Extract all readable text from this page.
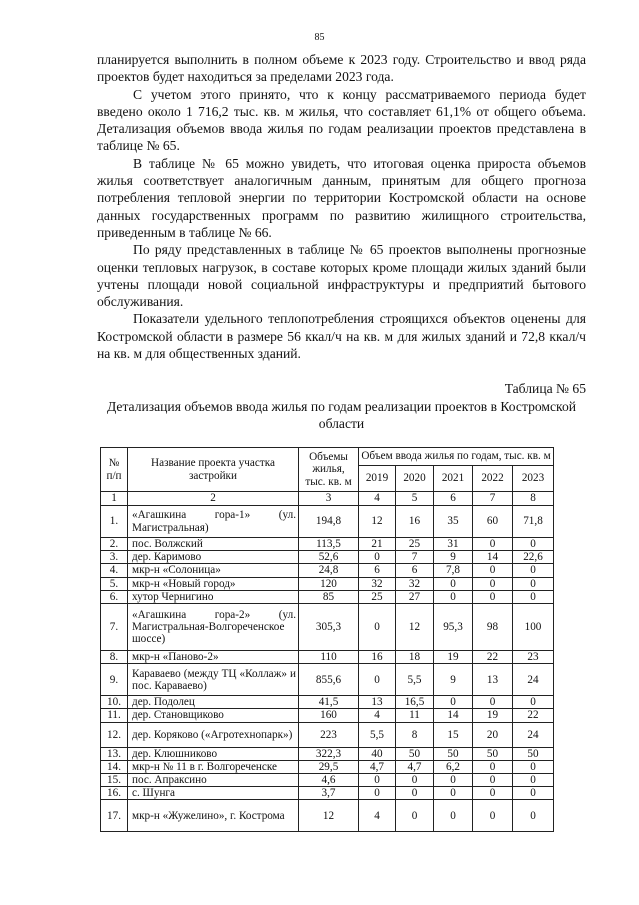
85

планируется выполнить в полном объеме к 2023 году. Строительство и ввод ряда проектов будет находиться за пределами 2023 года.

С учетом этого принято, что к концу рассматриваемого периода будет введено около 1 716,2 тыс. кв. м жилья, что составляет 61,1% от общего объема. Детализация объемов ввода жилья по годам реализации проектов представлена в таблице № 65.

В таблице № 65 можно увидеть, что итоговая оценка прироста объемов жилья соответствует аналогичным данным, принятым для общего прогноза потребления тепловой энергии по территории Костромской области на основе данных государственных программ по развитию жилищного строительства, приведенным в таблице № 66.

По ряду представленных в таблице № 65 проектов выполнены прогнозные оценки тепловых нагрузок, в составе которых кроме площади жилых зданий были учтены площади новой социальной инфраструктуры и предприятий бытового обслуживания.

Показатели удельного теплопотребления строящихся объектов оценены для Костромской области в размере 56 ккал/ч на кв. м для жилых зданий и 72,8 ккал/ч на кв. м для общественных зданий.

Таблица № 65
Детализация объемов ввода жилья по годам реализации проектов в Костромской области
№ п/п	Название проекта участка застройки	Объемы жилья, тыс. кв. м	Объем ввода жилья по годам, тыс. кв. м				
			2019	2020	2021	2022	2023
1	2	3	4	5	6	7	8
1.	«Агашкина гора-1» (ул. Магистральная)	194,8	12	16	35	60	71,8
2.	пос. Волжский	113,5	21	25	31	0	0
3.	дер. Каримово	52,6	0	7	9	14	22,6
4.	мкр-н «Солоница»	24,8	6	6	7,8	0	0
5.	мкр-н «Новый город»	120	32	32	0	0	0
6.	хутор Чернигино	85	25	27	0	0	0
7.	«Агашкина гора-2» (ул. Магистральная-Волгореченское шоссе)	305,3	0	12	95,3	98	100
8.	мкр-н «Паново-2»	110	16	18	19	22	23
9.	Караваево (между ТЦ «Коллаж» и пос. Караваево)	855,6	0	5,5	9	13	24
10.	дер. Подолец	41,5	13	16,5	0	0	0
11.	дер. Становщиково	160	4	11	14	19	22
12.	дер. Коряково («Агротехнопарк»)	223	5,5	8	15	20	24
13.	дер. Клюшниково	322,3	40	50	50	50	50
14.	мкр-н № 11 в г. Волгореченске	29,5	4,7	4,7	6,2	0	0
15.	пос. Апраксино	4,6	0	0	0	0	0
16.	с. Шунга	3,7	0	0	0	0	0
17.	мкр-н «Жужелино», г. Кострома	12	4	0	0	0	0
